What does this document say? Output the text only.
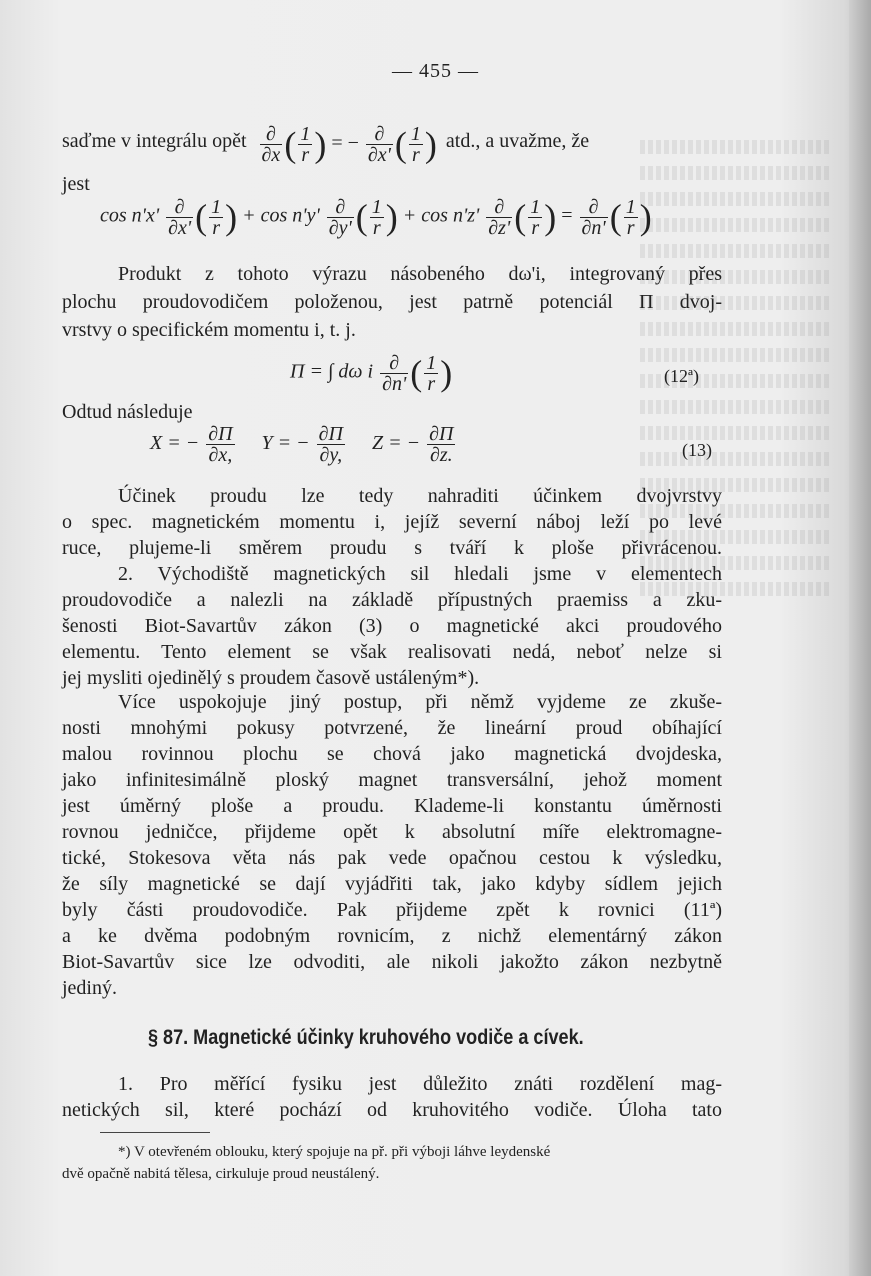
— 455 —
saďme v integrálu opět $\frac{\partial}{\partial x}$ ( $\frac{1}{r}$ ) = − $\frac{\partial}{\partial x'}$ ( $\frac{1}{r}$ ) atd., a uvažme, že
jest
$\cos n'x' \frac{\partial}{\partial x'}$ ( $\frac{1}{r}$ ) + $\cos n'y' \frac{\partial}{\partial y'}$ ( $\frac{1}{r}$ ) + $\cos n'z' \frac{\partial}{\partial z'}$ ( $\frac{1}{r}$ ) = $\frac{\partial}{\partial n'}$ ( $\frac{1}{r}$ )
Produkt z tohoto výrazu násobeného dω'i, integrovaný přes
plochu proudovodičem položenou, jest patrně potenciál Π dvoj-
vrstvy o specifickém momentu i, t. j.
Π = ∫ dω i $\frac{\partial}{\partial n'}$ ( $\frac{1}{r}$ )	(12ª)
Odtud následuje
X = − $\frac{\partial\Pi}{\partial x,}$ Y = − $\frac{\partial\Pi}{\partial y,}$ Z = − $\frac{\partial\Pi}{\partial z.}$	(13)
Účinek proudu lze tedy nahraditi účinkem dvojvrstvy
o spec. magnetickém momentu i, jejíž severní náboj leží po levé
ruce, plujeme-li směrem proudu s tváří k ploše přivrácenou.
2. Východiště magnetických sil hledali jsme v elementech
proudovodiče a nalezli na základě přípustných praemiss a zku-
šenosti Biot-Savartův zákon (3) o magnetické akci proudového
elementu. Tento element se však realisovati nedá, neboť nelze si
jej mysliti ojedinělý s proudem časově ustáleným*).
Více uspokojuje jiný postup, při němž vyjdeme ze zkuše-
nosti mnohými pokusy potvrzené, že lineární proud obíhající
malou rovinnou plochu se chová jako magnetická dvojdeska,
jako infinitesimálně ploský magnet transversální, jehož moment
jest úměrný ploše a proudu. Klademe-li konstantu úměrnosti
rovnou jedničce, přijdeme opět k absolutní míře elektromagne-
tické, Stokesova věta nás pak vede opačnou cestou k výsledku,
že síly magnetické se dají vyjádřiti tak, jako kdyby sídlem jejich
byly části proudovodiče. Pak přijdeme zpět k rovnici (11ª)
a ke dvěma podobným rovnicím, z nichž elementárný zákon
Biot-Savartův sice lze odvoditi, ale nikoli jakožto zákon nezbytně
jediný.
§ 87. Magnetické účinky kruhového vodiče a cívek.
1. Pro měřící fysiku jest důležito znáti rozdělení mag-
netických sil, které pochází od kruhovitého vodiče. Úloha tato
*) V otevřeném oblouku, který spojuje na př. při výboji láhve leydenské
dvě opačně nabitá tělesa, cirkuluje proud neustálený.
